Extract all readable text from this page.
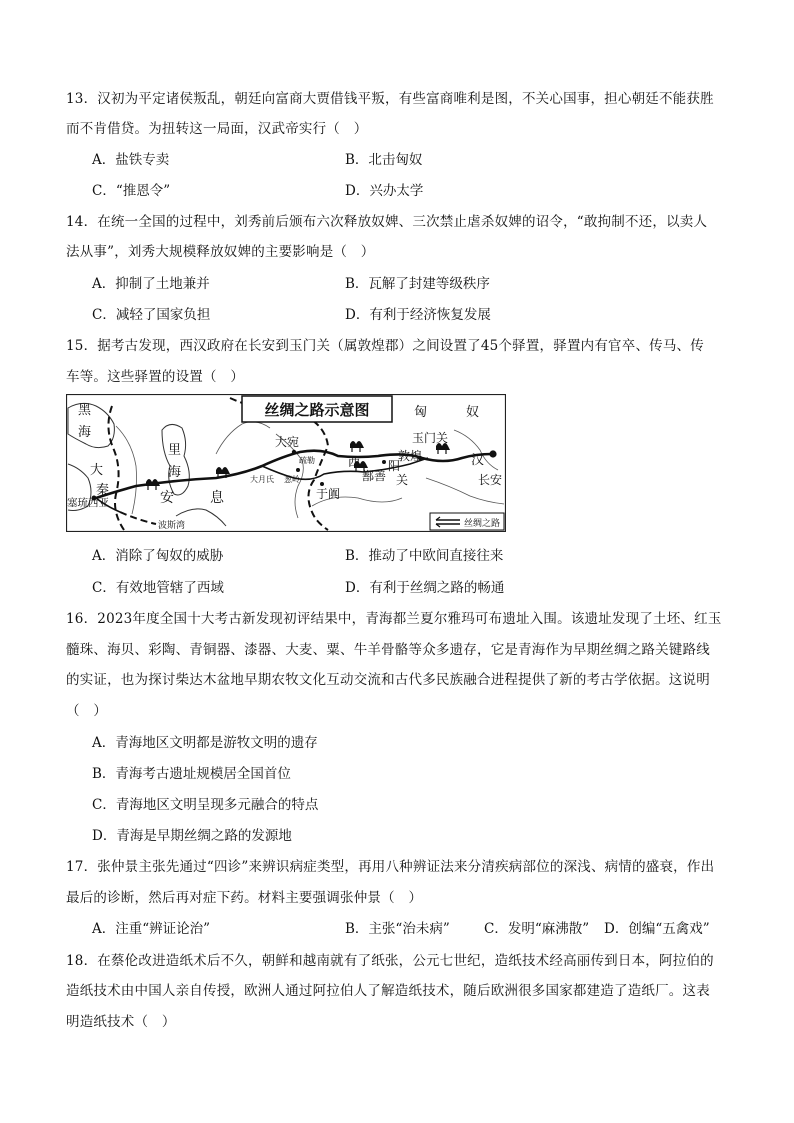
13．汉初为平定诸侯叛乱，朝廷向富商大贾借钱平叛，有些富商唯利是图，不关心国事，担心朝廷不能获胜
而不肯借贷。为扭转这一局面，汉武帝实行（　）
A．盐铁专卖	B．北击匈奴
C．“推恩令”	D．兴办太学
14．在统一全国的过程中，刘秀前后颁布六次释放奴婢、三次禁止虐杀奴婢的诏令，“敢拘制不还，以卖人
法从事”，刘秀大规模释放奴婢的主要影响是（　）
A．抑制了土地兼并	B．瓦解了封建等级秩序
C．减轻了国家负担	D．有利于经济恢复发展
15．据考古发现，西汉政府在长安到玉门关（属敦煌郡）之间设置了45个驿置，驿置内有官卒、传马、传
车等。这些驿置的设置（　）
丝绸之路示意图
黑
海
里
海
大
秦
塞琉西亚	安	息
波斯湾
大宛
疏勒
大月氏 葱岭
于阗
西 阳
关
鄯善
玉门关
敦煌	汉
长安
匈	奴
丝绸之路
A．消除了匈奴的威胁	B．推动了中欧间直接往来
C．有效地管辖了西域	D．有利于丝绸之路的畅通
16．2023年度全国十大考古新发现初评结果中，青海都兰夏尔雅玛可布遗址入围。该遗址发现了土坯、红玉
髓珠、海贝、彩陶、青铜器、漆器、大麦、粟、牛羊骨骼等众多遗存，它是青海作为早期丝绸之路关键路线
的实证，也为探讨柴达木盆地早期农牧文化互动交流和古代多民族融合进程提供了新的考古学依据。这说明
（　）
A．青海地区文明都是游牧文明的遗存
B．青海考古遗址规模居全国首位
C．青海地区文明呈现多元融合的特点
D．青海是早期丝绸之路的发源地
17．张仲景主张先通过“四诊”来辨识病症类型，再用八种辨证法来分清疾病部位的深浅、病情的盛衰，作出
最后的诊断，然后再对症下药。材料主要强调张仲景（　）
A．注重“辨证论治”	B．主张“治未病”	C．发明“麻沸散” D．创编“五禽戏”
18．在蔡伦改进造纸术后不久，朝鲜和越南就有了纸张，公元七世纪，造纸技术经高丽传到日本，阿拉伯的
造纸技术由中国人亲自传授，欧洲人通过阿拉伯人了解造纸技术，随后欧洲很多国家都建造了造纸厂。这表
明造纸技术（　）
